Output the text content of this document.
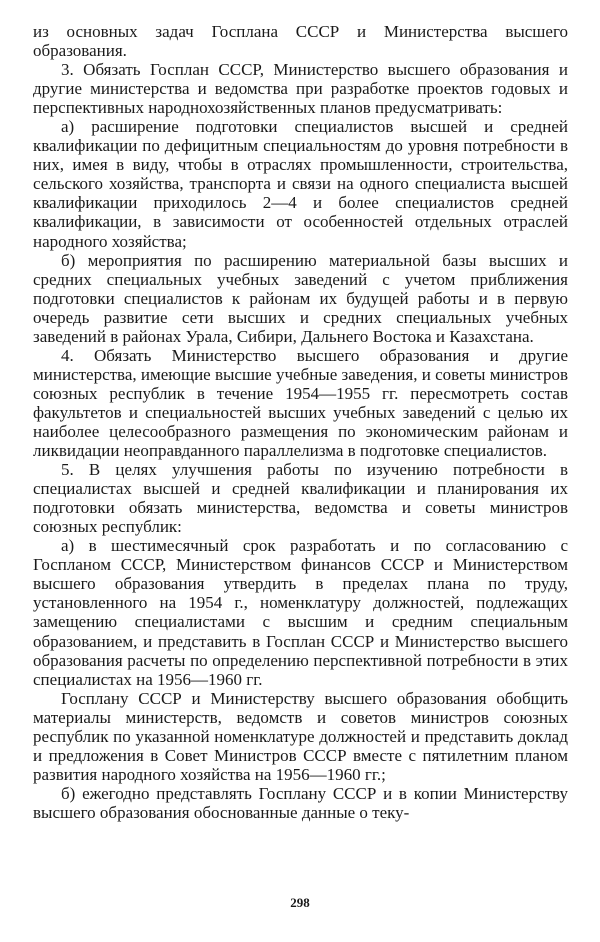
из основных задач Госплана СССР и Министерства высшего образования.

3. Обязать Госплан СССР, Министерство высшего образования и другие министерства и ведомства при разработке проектов годовых и перспективных народнохозяйственных планов предусматривать:

а) расширение подготовки специалистов высшей и средней квалификации по дефицитным специальностям до уровня потребности в них, имея в виду, чтобы в отраслях промышленности, строительства, сельского хозяйства, транспорта и связи на одного специалиста высшей квалификации приходилось 2—4 и более специалистов средней квалификации, в зависимости от особенностей отдельных отраслей народного хозяйства;

б) мероприятия по расширению материальной базы высших и средних специальных учебных заведений с учетом приближения подготовки специалистов к районам их будущей работы и в первую очередь развитие сети высших и средних специальных учебных заведений в районах Урала, Сибири, Дальнего Востока и Казахстана.

4. Обязать Министерство высшего образования и другие министерства, имеющие высшие учебные заведения, и советы министров союзных республик в течение 1954—1955 гг. пересмотреть состав факультетов и специальностей высших учебных заведений с целью их наиболее целесообразного размещения по экономическим районам и ликвидации неоправданного параллелизма в подготовке специалистов.

5. В целях улучшения работы по изучению потребности в специалистах высшей и средней квалификации и планирования их подготовки обязать министерства, ведомства и советы министров союзных республик:

а) в шестимесячный срок разработать и по согласованию с Госпланом СССР, Министерством финансов СССР и Министерством высшего образования утвердить в пределах плана по труду, установленного на 1954 г., номенклатуру должностей, подлежащих замещению специалистами с высшим и средним специальным образованием, и представить в Госплан СССР и Министерство высшего образования расчеты по определению перспективной потребности в этих специалистах на 1956—1960 гг.

Госплану СССР и Министерству высшего образования обобщить материалы министерств, ведомств и советов министров союзных республик по указанной номенклатуре должностей и представить доклад и предложения в Совет Министров СССР вместе с пятилетним планом развития народного хозяйства на 1956—1960 гг.;

б) ежегодно представлять Госплану СССР и в копии Министерству высшего образования обоснованные данные о теку-

298
